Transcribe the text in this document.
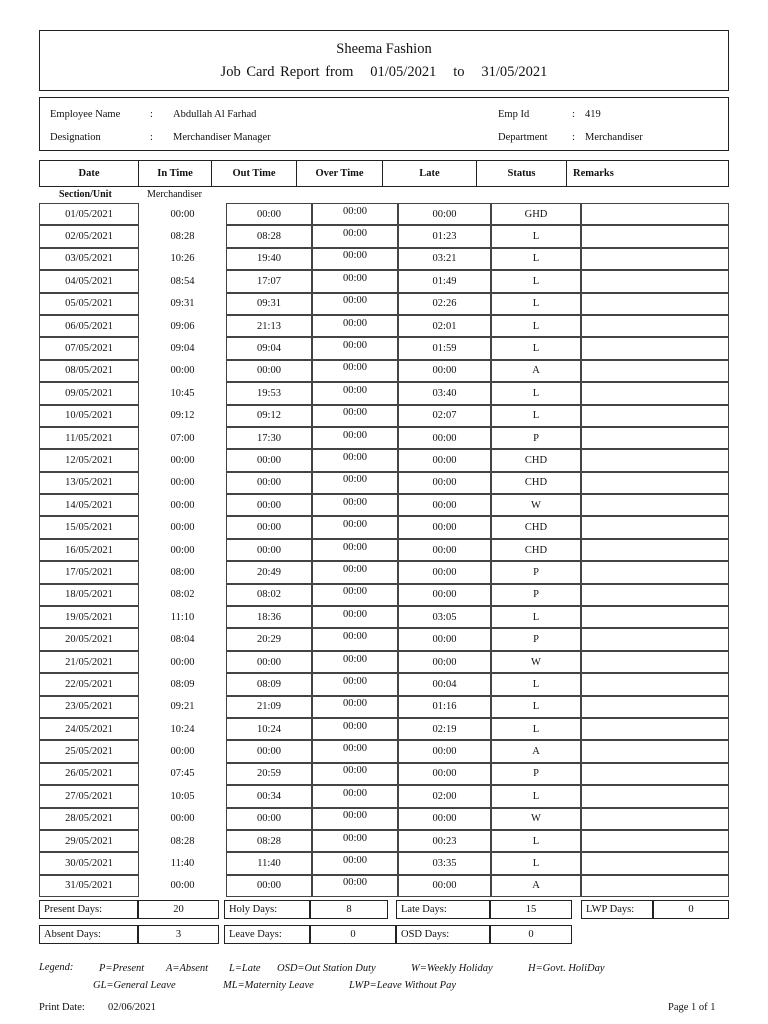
Sheema Fashion
Job Card Report from 01/05/2021 to 31/05/2021
Employee Name	: Abdullah Al Farhad
Designation	: Merchandiser Manager
Emp Id	: 419
Department : Merchandiser
Date	In Time	Out Time	Over Time	Late	Status	Remarks
Section/Unit	Merchandiser
01/05/2021	00:00	00:00	00:00	00:00	GHD
02/05/2021	08:28	08:28	00:00	01:23	L
03/05/2021	10:26	19:40	00:00	03:21	L
04/05/2021	08:54	17:07	00:00	01:49	L
05/05/2021	09:31	09:31	00:00	02:26	L
06/05/2021	09:06	21:13	00:00	02:01	L
07/05/2021	09:04	09:04	00:00	01:59	L
08/05/2021	00:00	00:00	00:00	00:00	A
09/05/2021	10:45	19:53	00:00	03:40	L
10/05/2021	09:12	09:12	00:00	02:07	L
11/05/2021	07:00	17:30	00:00	00:00	P
12/05/2021	00:00	00:00	00:00	00:00	CHD
13/05/2021	00:00	00:00	00:00	00:00	CHD
14/05/2021	00:00	00:00	00:00	00:00	W
15/05/2021	00:00	00:00	00:00	00:00	CHD
16/05/2021	00:00	00:00	00:00	00:00	CHD
17/05/2021	08:00	20:49	00:00	00:00	P
18/05/2021	08:02	08:02	00:00	00:00	P
19/05/2021	11:10	18:36	00:00	03:05	L
20/05/2021	08:04	20:29	00:00	00:00	P
21/05/2021	00:00	00:00	00:00	00:00	W
22/05/2021	08:09	08:09	00:00	00:04	L
23/05/2021	09:21	21:09	00:00	01:16	L
24/05/2021	10:24	10:24	00:00	02:19	L
25/05/2021	00:00	00:00	00:00	00:00	A
26/05/2021	07:45	20:59	00:00	00:00	P
27/05/2021	10:05	00:34	00:00	02:00	L
28/05/2021	00:00	00:00	00:00	00:00	W
29/05/2021	08:28	08:28	00:00	00:23	L
30/05/2021	11:40	11:40	00:00	03:35	L
31/05/2021	00:00	00:00	00:00	00:00	A
Present Days:	20	Holy Days:	8	Late Days:	15	LWP Days:	0
Absent Days:	3	Leave Days:	0	OSD Days:	0
Legend: P=Present A=Absent L=Late OSD=Out Station Duty	W=Weekly Holiday	H=Govt. HoliDay
GL=General Leave	ML=Maternity Leave	LWP=Leave Without Pay
Print Date: 02/06/2021	Page 1 of 1
